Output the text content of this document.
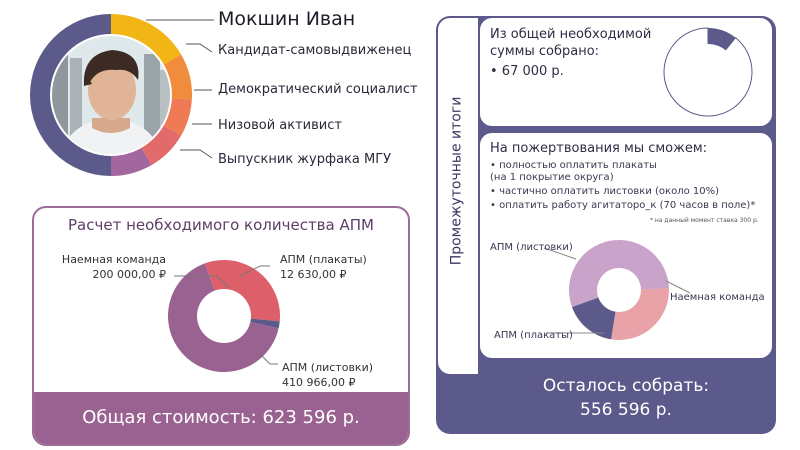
Мокшин Иван
Кандидат-самовыдвиженец
Демократический социалист
Низовой активист
Выпускник журфака МГУ
Расчет необходимого количества АПМ
Наемная команда
200 000,00 ₽
АПМ (плакаты)
12 630,00 ₽
АПМ (листовки)
410 966,00 ₽
Общая стоимость: 623 596 р.
Промежуточные итоги
Из общей необходимой суммы собрано:
• 67 000 р.
На пожертвования мы сможем:
• полностью оплатить плакаты
(на 1 покрытие округа)
• частично оплатить листовки (около 10%)
• оплатить работу агитаторо_к (70 часов в поле)*
* на данный момент ставка 300 р.
АПМ (листовки)
Наемная команда
АПМ (плакаты)
Осталось собрать:
556 596 р.
